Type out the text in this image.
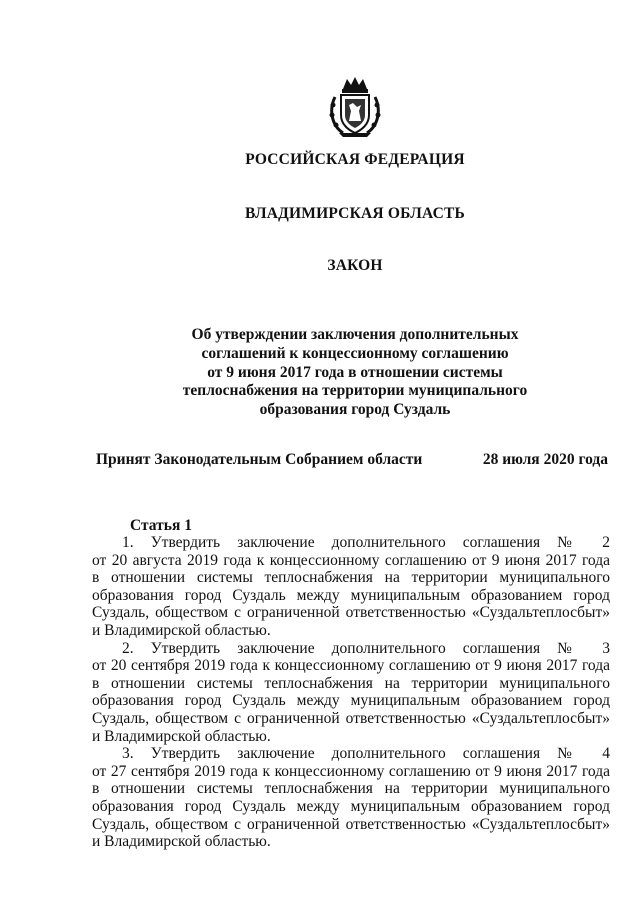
РОССИЙСКАЯ ФЕДЕРАЦИЯ
ВЛАДИМИРСКАЯ ОБЛАСТЬ
ЗАКОН
Об утверждении заключения дополнительных
соглашений к концессионному соглашению
от 9 июня 2017 года в отношении системы
теплоснабжения на территории муниципального
образования город Суздаль
Принят Законодательным Собранием области	28 июля 2020 года
Статья 1
1. Утвердить заключение дополнительного соглашения № 2
от 20 августа 2019 года к концессионному соглашению от 9 июня 2017 года
в отношении системы теплоснабжения на территории муниципального
образования город Суздаль между муниципальным образованием город
Суздаль, обществом с ограниченной ответственностью «Суздальтеплосбыт»
и Владимирской областью.
2. Утвердить заключение дополнительного соглашения № 3
от 20 сентября 2019 года к концессионному соглашению от 9 июня 2017 года
в отношении системы теплоснабжения на территории муниципального
образования город Суздаль между муниципальным образованием город
Суздаль, обществом с ограниченной ответственностью «Суздальтеплосбыт»
и Владимирской областью.
3. Утвердить заключение дополнительного соглашения № 4
от 27 сентября 2019 года к концессионному соглашению от 9 июня 2017 года
в отношении системы теплоснабжения на территории муниципального
образования город Суздаль между муниципальным образованием город
Суздаль, обществом с ограниченной ответственностью «Суздальтеплосбыт»
и Владимирской областью.
